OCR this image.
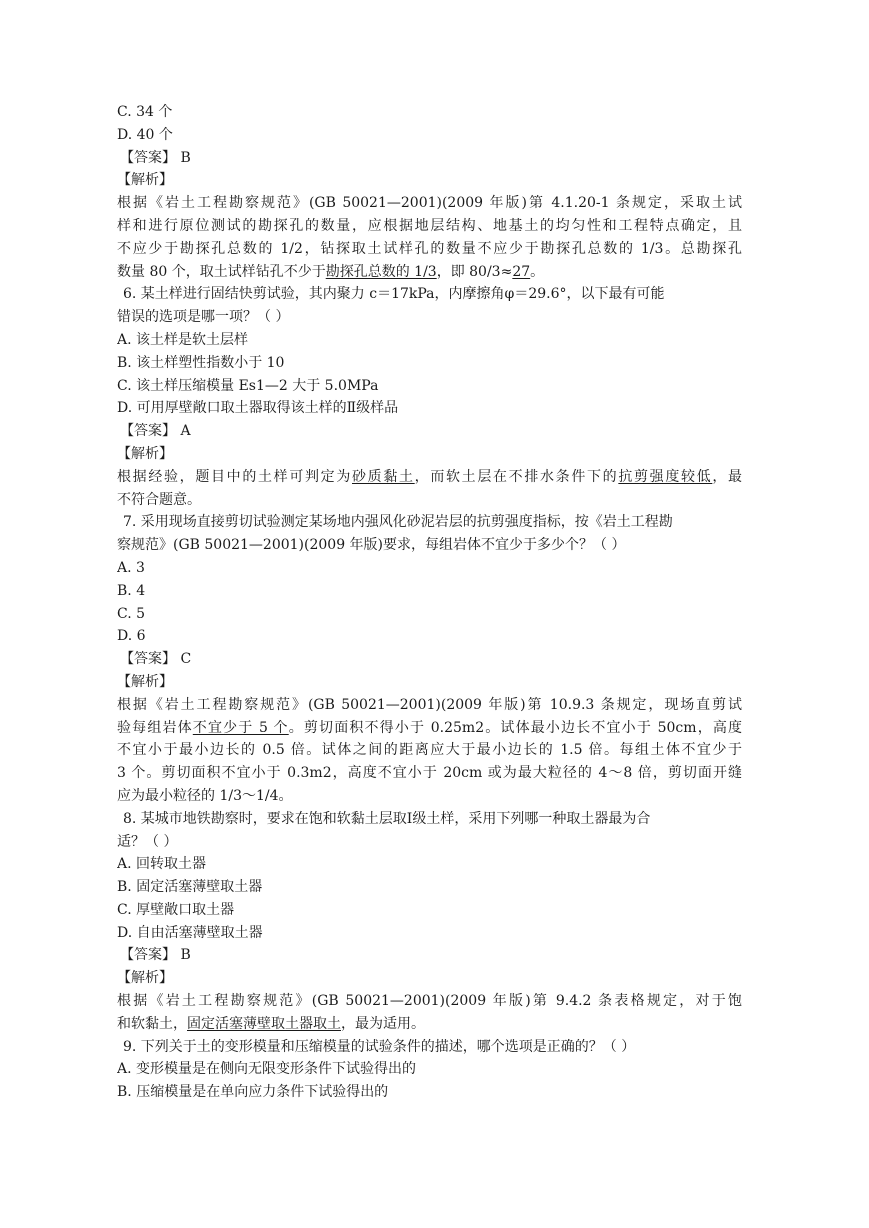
C. 34 个
D. 40 个
【答案】 B
【解析】
根据《岩土工程勘察规范》(GB 50021—2001)(2009 年版)第 4.1.20-1 条规定，采取土试
样和进行原位测试的勘探孔的数量，应根据地层结构、地基土的均匀性和工程特点确定，且
不应少于勘探孔总数的 1/2，钻探取土试样孔的数量不应少于勘探孔总数的 1/3。总勘探孔
数量 80 个，取土试样钻孔不少于勘探孔总数的 1/3，即 80/3≈27。
6. 某土样进行固结快剪试验，其内聚力 c＝17kPa，内摩擦角φ＝29.6°，以下最有可能
错误的选项是哪一项？（ ）
A. 该土样是软土层样
B. 该土样塑性指数小于 10
C. 该土样压缩模量 Es1—2 大于 5.0MPa
D. 可用厚壁敞口取土器取得该土样的Ⅱ级样品
【答案】 A
【解析】
根据经验，题目中的土样可判定为砂质黏土，而软土层在不排水条件下的抗剪强度较低，最
不符合题意。
7. 采用现场直接剪切试验测定某场地内强风化砂泥岩层的抗剪强度指标，按《岩土工程勘
察规范》(GB 50021—2001)(2009 年版)要求，每组岩体不宜少于多少个？（ ）
A. 3
B. 4
C. 5
D. 6
【答案】 C
【解析】
根据《岩土工程勘察规范》(GB 50021—2001)(2009 年版)第 10.9.3 条规定，现场直剪试
验每组岩体不宜少于 5 个。剪切面积不得小于 0.25m2。试体最小边长不宜小于 50cm，高度
不宜小于最小边长的 0.5 倍。试体之间的距离应大于最小边长的 1.5 倍。每组土体不宜少于
3 个。剪切面积不宜小于 0.3m2，高度不宜小于 20cm 或为最大粒径的 4～8 倍，剪切面开缝
应为最小粒径的 1/3～1/4。
8. 某城市地铁勘察时，要求在饱和软黏土层取Ⅰ级土样，采用下列哪一种取土器最为合
适？（ ）
A. 回转取土器
B. 固定活塞薄壁取土器
C. 厚壁敞口取土器
D. 自由活塞薄壁取土器
【答案】 B
【解析】
根据《岩土工程勘察规范》(GB 50021—2001)(2009 年版)第 9.4.2 条表格规定，对于饱
和软黏土，固定活塞薄壁取土器取土，最为适用。
9. 下列关于土的变形模量和压缩模量的试验条件的描述，哪个选项是正确的？（ ）
A. 变形模量是在侧向无限变形条件下试验得出的
B. 压缩模量是在单向应力条件下试验得出的
